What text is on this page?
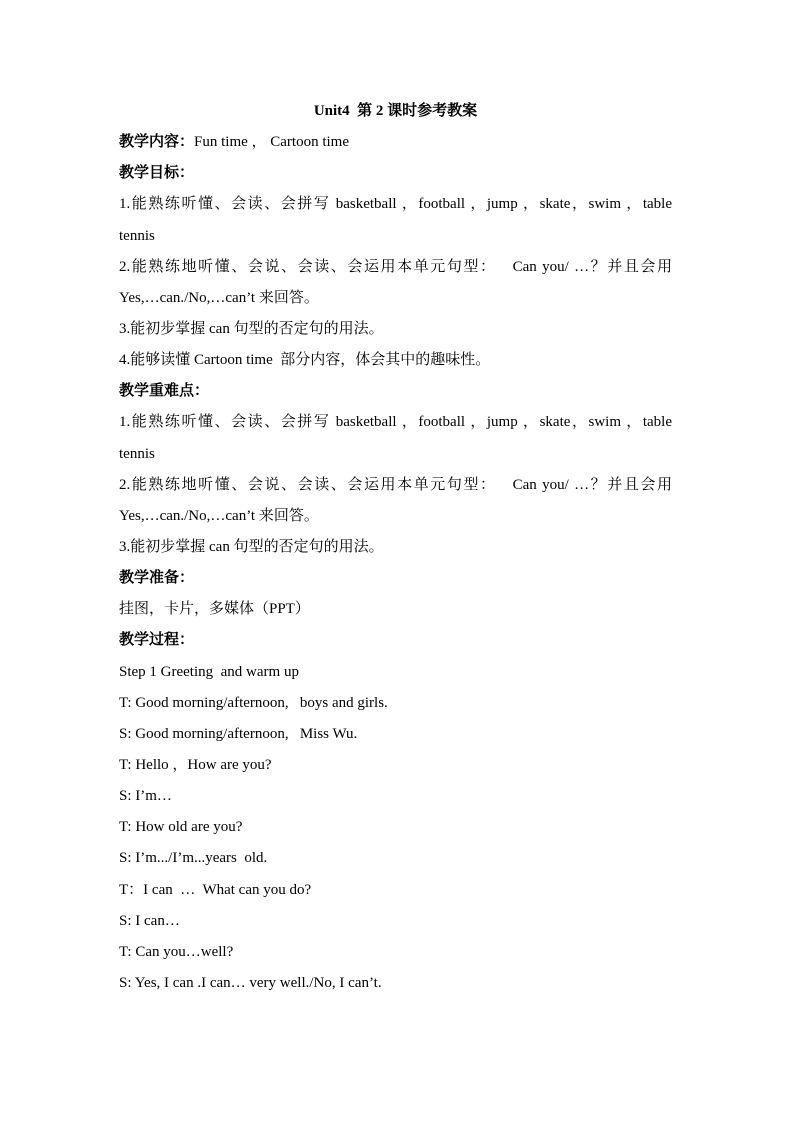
Unit4  第 2 课时参考教案
教学内容：Fun time ， Cartoon time
教学目标：
1.能熟练听懂、会读、会拼写 basketball ，football ，jump ，skate，swim ，table
tennis
2.能熟练地听懂、会说、会读、会运用本单元句型：   Can you/ …？并且会用
Yes,…can./No,…can’t 来回答。
3.能初步掌握 can 句型的否定句的用法。
4.能够读懂 Cartoon time  部分内容，体会其中的趣味性。
教学重难点：
1.能熟练听懂、会读、会拼写 basketball ，football ，jump ，skate，swim ，table
tennis
2.能熟练地听懂、会说、会读、会运用本单元句型：   Can you/ …？并且会用
Yes,…can./No,…can’t 来回答。
3.能初步掌握 can 句型的否定句的用法。
教学准备：
挂图，卡片，多媒体（PPT）
教学过程：
Step 1 Greeting  and warm up
T: Good morning/afternoon,   boys and girls.
S: Good morning/afternoon,   Miss Wu.
T: Hello ，How are you?
S: I’m…
T: How old are you?
S: I’m.../I’m...years  old.
T：I can  …  What can you do?
S: I can…
T: Can you…well?
S: Yes, I can .I can… very well./No, I can’t.
